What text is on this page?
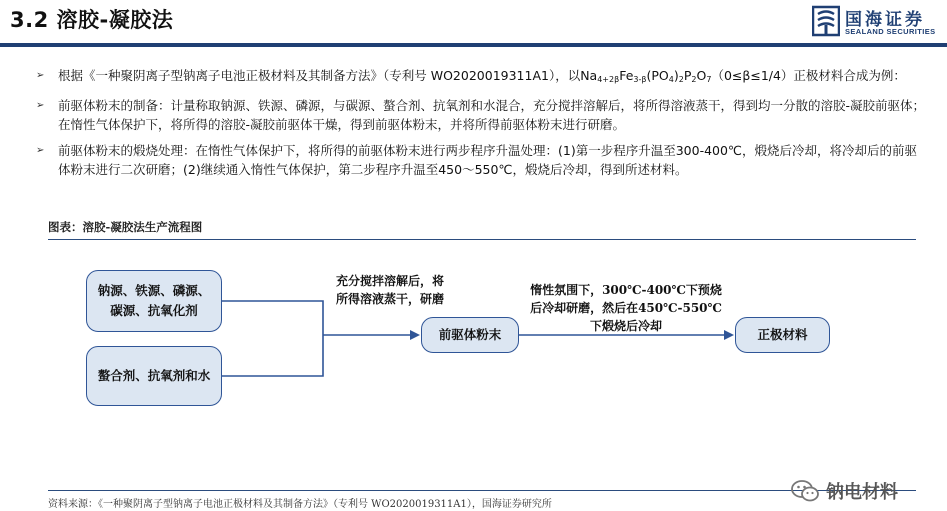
3.2 溶胶-凝胶法	国海证券
SEALAND SECURITIES
➢ 根据《一种聚阴离子型钠离子电池正极材料及其制备方法》（专利号 WO2020019311A1），以$Na_{4+2\beta}Fe_{3-\beta}(PO_4)_2P_2O_7(0\le\beta\le 1/4)$正极材料合成为例：
➢ 前驱体粉末的制备：计量称取钠源、铁源、磷源，与碳源、螯合剂、抗氧剂和水混合，充分搅拌溶解后，将所得溶液蒸干，得到均一分散的溶胶-凝胶前驱体；在惰性气体保护下，将所得的溶胶-凝胶前驱体干燥，得到前驱体粉末，并将所得前驱体粉末进行研磨。
➢ 前驱体粉末的煅烧处理：在惰性气体保护下，将所得的前驱体粉末进行两步程序升温处理：(1)第一步程序升温至300-400℃，煅烧后冷却，将冷却后的前驱体粉末进行二次研磨；(2)继续通入惰性气体保护，第二步程序升温至450～550℃，煅烧后冷却，得到所述材料。
图表：溶胶-凝胶法生产流程图
钠源、铁源、磷源、
碳源、抗氧化剂
螯合剂、抗氧剂和水
前驱体粉末	正极材料
充分搅拌溶解后，将
所得溶液蒸干，研磨
惰性氛围下，300℃-400℃下预烧
后冷却研磨，然后在450℃-550℃
下煅烧后冷却
资料来源：《一种聚阴离子型钠离子电池正极材料及其制备方法》（专利号 WO2020019311A1），国海证券研究所
钠电材料
